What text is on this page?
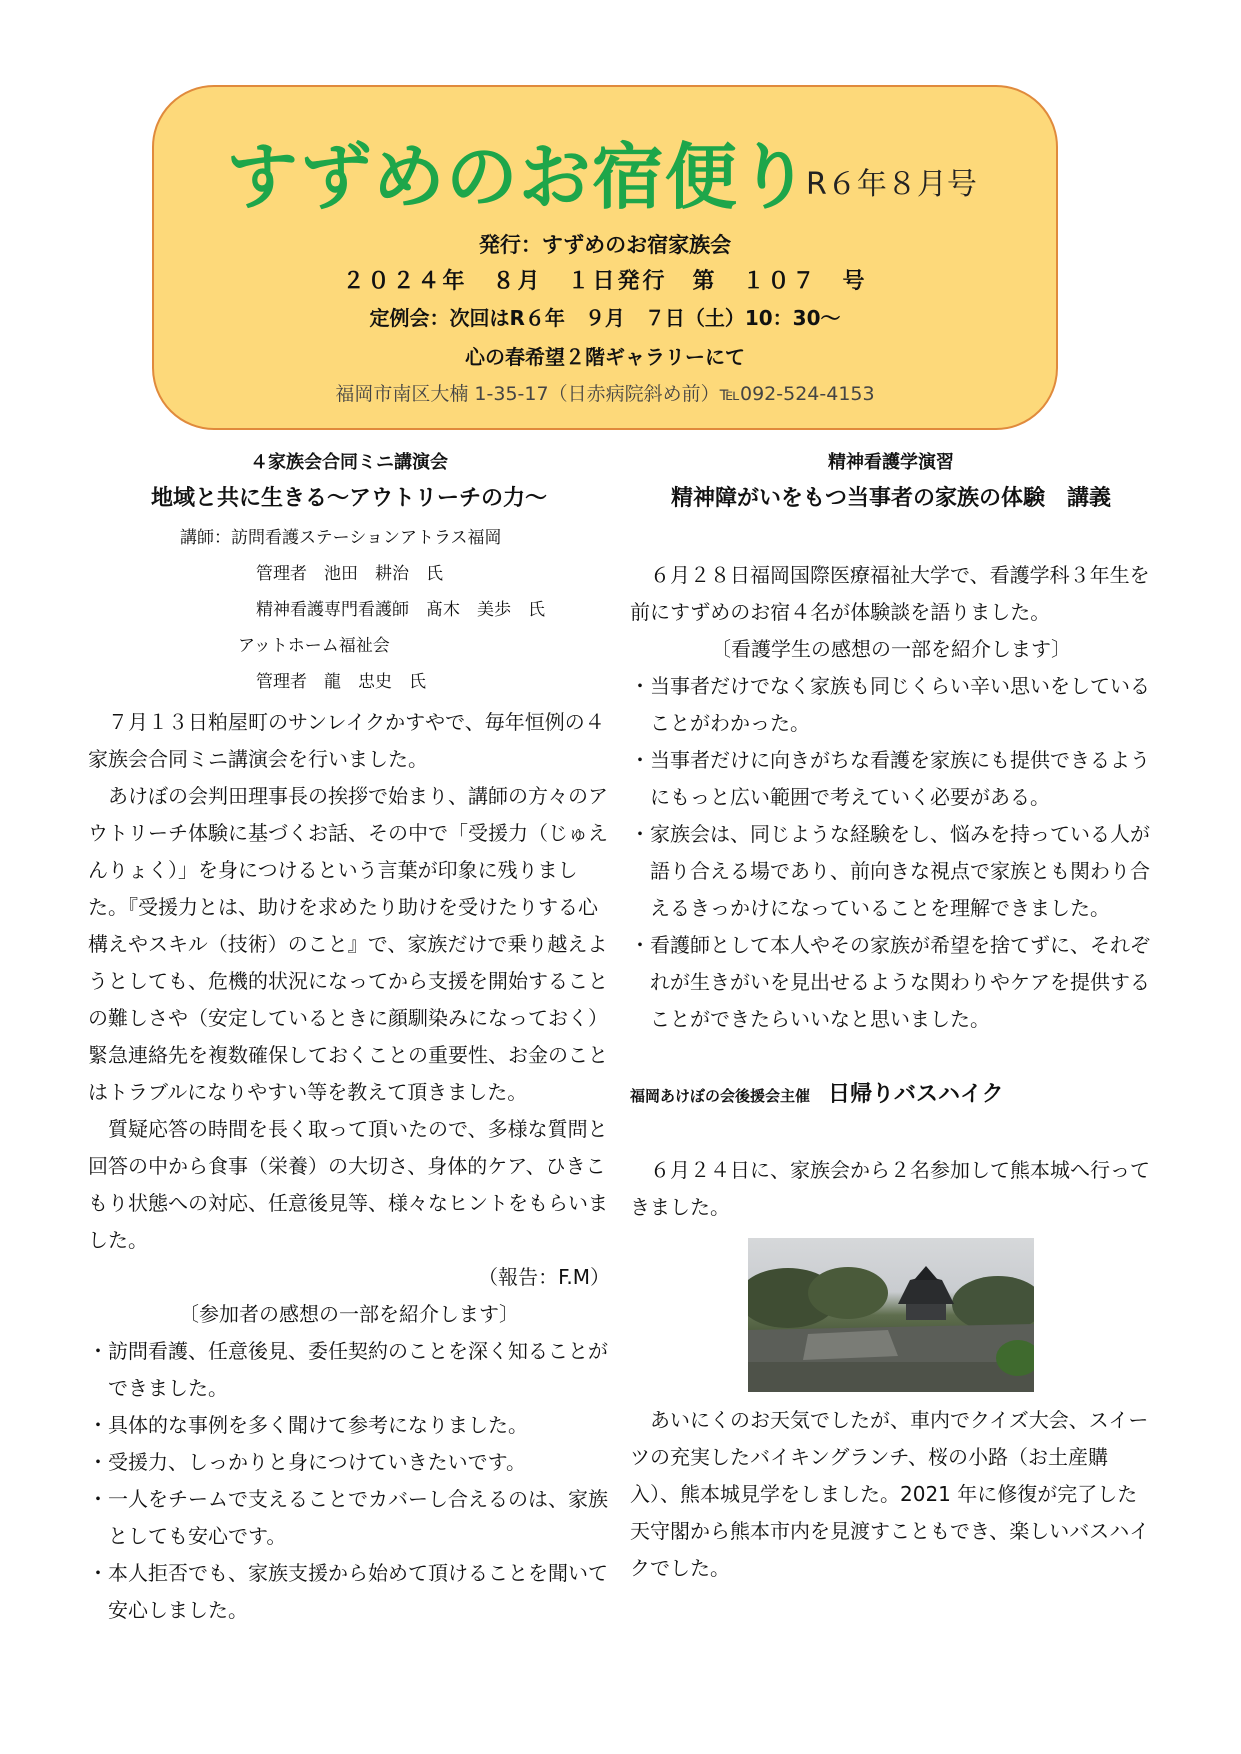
すずめのお宿便り
R６年８月号
発行：すずめのお宿家族会
２０２４年　８月　１日発行　第　１０７　号
定例会：次回はR６年　９月　７日（土）10：30～
心の春希望２階ギャラリーにて
福岡市南区大楠 1-35-17（日赤病院斜め前）℡092-524-4153
４家族会合同ミニ講演会
地域と共に生きる～アウトリーチの力～
講師：訪問看護ステーションアトラス福岡
管理者　池田　耕治　氏
精神看護専門看護師　髙木　美歩　氏
アットホーム福祉会
管理者　龍　忠史　氏

７月１３日粕屋町のサンレイクかすやで、毎年恒例の４家族会合同ミニ講演会を行いました。

あけぼの会判田理事長の挨拶で始まり、講師の方々のアウトリーチ体験に基づくお話、その中で「受援力（じゅえんりょく）」を身につけるという言葉が印象に残りました。『受援力とは、助けを求めたり助けを受けたりする心構えやスキル（技術）のこと』で、家族だけで乗り越えようとしても、危機的状況になってから支援を開始することの難しさや（安定しているときに顔馴染みになっておく）緊急連絡先を複数確保しておくことの重要性、お金のことはトラブルになりやすい等を教えて頂きました。

質疑応答の時間を長く取って頂いたので、多様な質問と回答の中から食事（栄養）の大切さ、身体的ケア、ひきこもり状態への対応、任意後見等、様々なヒントをもらいました。

（報告：F.M）
〔参加者の感想の一部を紹介します〕
・訪問看護、任意後見、委任契約のことを深く知ることができました。
・具体的な事例を多く聞けて参考になりました。
・受援力、しっかりと身につけていきたいです。
・一人をチームで支えることでカバーし合えるのは、家族としても安心です。
・本人拒否でも、家族支援から始めて頂けることを聞いて安心しました。
精神看護学演習
精神障がいをもつ当事者の家族の体験　講義

６月２８日福岡国際医療福祉大学で、看護学科３年生を前にすずめのお宿４名が体験談を語りました。

〔看護学生の感想の一部を紹介します〕
・当事者だけでなく家族も同じくらい辛い思いをしていることがわかった。
・当事者だけに向きがちな看護を家族にも提供できるようにもっと広い範囲で考えていく必要がある。
・家族会は、同じような経験をし、悩みを持っている人が語り合える場であり、前向きな視点で家族とも関わり合えるきっかけになっていることを理解できました。
・看護師として本人やその家族が希望を捨てずに、それぞれが生きがいを見出せるような関わりやケアを提供することができたらいいなと思いました。
福岡あけぼの会後援会主催 日帰りバスハイク

６月２４日に、家族会から２名参加して熊本城へ行ってきました。

あいにくのお天気でしたが、車内でクイズ大会、スイーツの充実したバイキングランチ、桜の小路（お土産購入）、熊本城見学をしました。2021 年に修復が完了した天守閣から熊本市内を見渡すこともでき、楽しいバスハイクでした。
